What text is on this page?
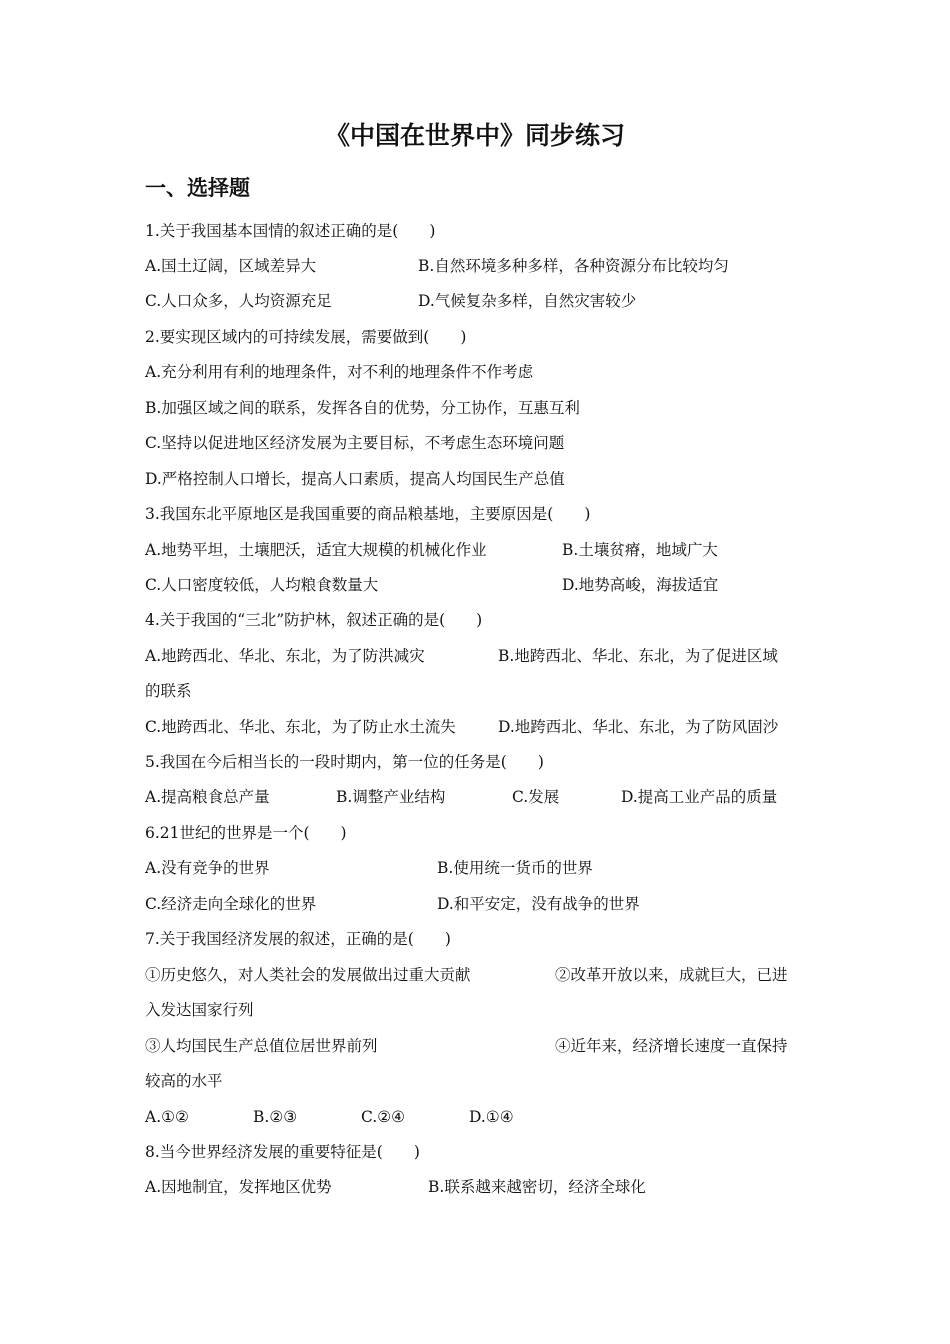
《中国在世界中》同步练习
一、选择题
1.关于我国基本国情的叙述正确的是(　　)
A.国土辽阔，区域差异大	B.自然环境多种多样，各种资源分布比较均匀
C.人口众多，人均资源充足	D.气候复杂多样，自然灾害较少
2.要实现区域内的可持续发展，需要做到(　　)
A.充分利用有利的地理条件，对不利的地理条件不作考虑
B.加强区域之间的联系，发挥各自的优势，分工协作，互惠互利
C.坚持以促进地区经济发展为主要目标，不考虑生态环境问题
D.严格控制人口增长，提高人口素质，提高人均国民生产总值
3.我国东北平原地区是我国重要的商品粮基地，主要原因是(　　)
A.地势平坦，土壤肥沃，适宜大规模的机械化作业	B.土壤贫瘠，地域广大
C.人口密度较低，人均粮食数量大	D.地势高峻，海拔适宜
4.关于我国的“三北”防护林，叙述正确的是(　　)
A.地跨西北、华北、东北，为了防洪减灾	B.地跨西北、华北、东北，为了促进区域
的联系
C.地跨西北、华北、东北，为了防止水土流失	D.地跨西北、华北、东北，为了防风固沙
5.我国在今后相当长的一段时期内，第一位的任务是(　　)
A.提高粮食总产量	B.调整产业结构	C.发展	D.提高工业产品的质量
6.21世纪的世界是一个(　　)
A.没有竞争的世界	B.使用统一货币的世界
C.经济走向全球化的世界	D.和平安定，没有战争的世界
7.关于我国经济发展的叙述，正确的是(　　)
①历史悠久，对人类社会的发展做出过重大贡献	②改革开放以来，成就巨大，已进
入发达国家行列
③人均国民生产总值位居世界前列	④近年来，经济增长速度一直保持
较高的水平
A.①②	B.②③	C.②④	D.①④
8.当今世界经济发展的重要特征是(　　)
A.因地制宜，发挥地区优势	B.联系越来越密切，经济全球化
